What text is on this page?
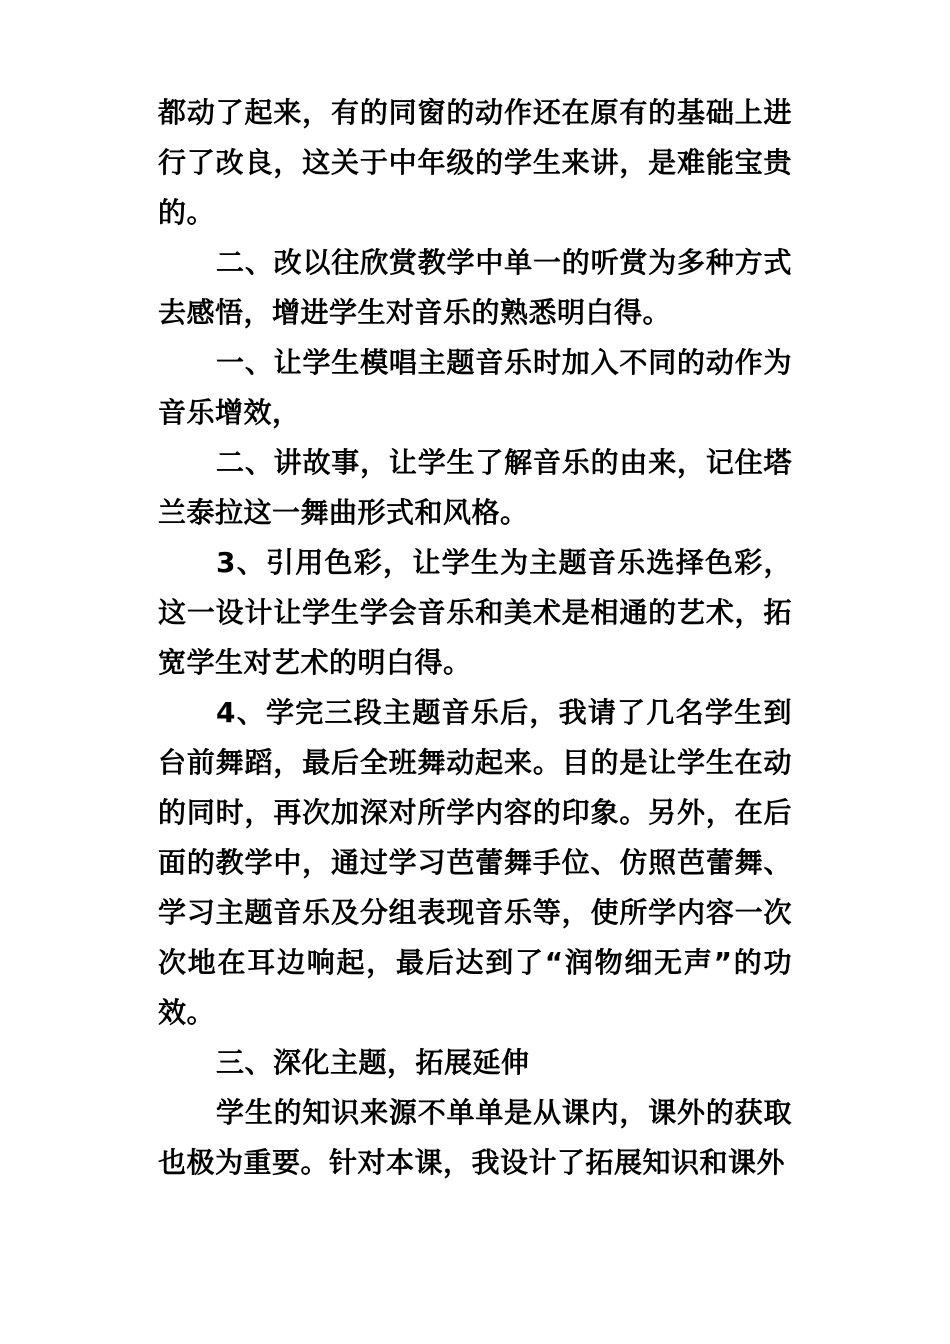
都动了起来，有的同窗的动作还在原有的基础上进行了改良，这关于中年级的学生来讲，是难能宝贵的。

二、改以往欣赏教学中单一的听赏为多种方式去感悟，增进学生对音乐的熟悉明白得。

一、让学生模唱主题音乐时加入不同的动作为音乐增效，

二、讲故事，让学生了解音乐的由来，记住塔兰泰拉这一舞曲形式和风格。

3、引用色彩，让学生为主题音乐选择色彩，这一设计让学生学会音乐和美术是相通的艺术，拓宽学生对艺术的明白得。

4、学完三段主题音乐后，我请了几名学生到台前舞蹈，最后全班舞动起来。目的是让学生在动的同时，再次加深对所学内容的印象。另外，在后面的教学中，通过学习芭蕾舞手位、仿照芭蕾舞、学习主题音乐及分组表现音乐等，使所学内容一次次地在耳边响起，最后达到了“润物细无声”的功效。

三、深化主题，拓展延伸

学生的知识来源不单单是从课内，课外的获取也极为重要。针对本课，我设计了拓展知识和课外
